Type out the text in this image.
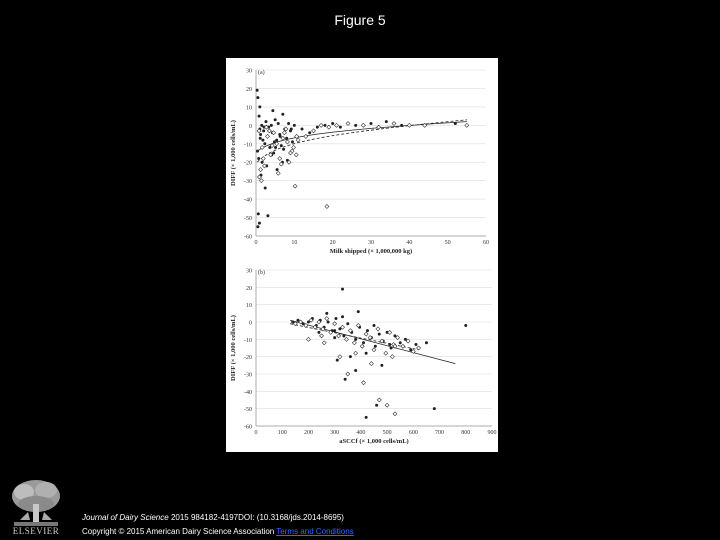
Figure 5
30
20
10
0
-10
-20
-30
-40
-50
-60
0	10	20	30	40	50	60
(a)
Milk shipped (× 1,000,000 kg)
DIFF (× 1,000 cells/mL)
30
20
10
0
-10
-20
-30
-40
-50
-60
0	100	200	300	400	500	600	700	800	900
(b)
aSCCf (× 1,000 cells/mL)
DIFF (× 1,000 cells/mL)
ELSEVIER
Journal of Dairy Science 2015 984182-4197DOI: (10.3168/jds.2014-8695)
Copyright © 2015 American Dairy Science Association Terms and Conditions
